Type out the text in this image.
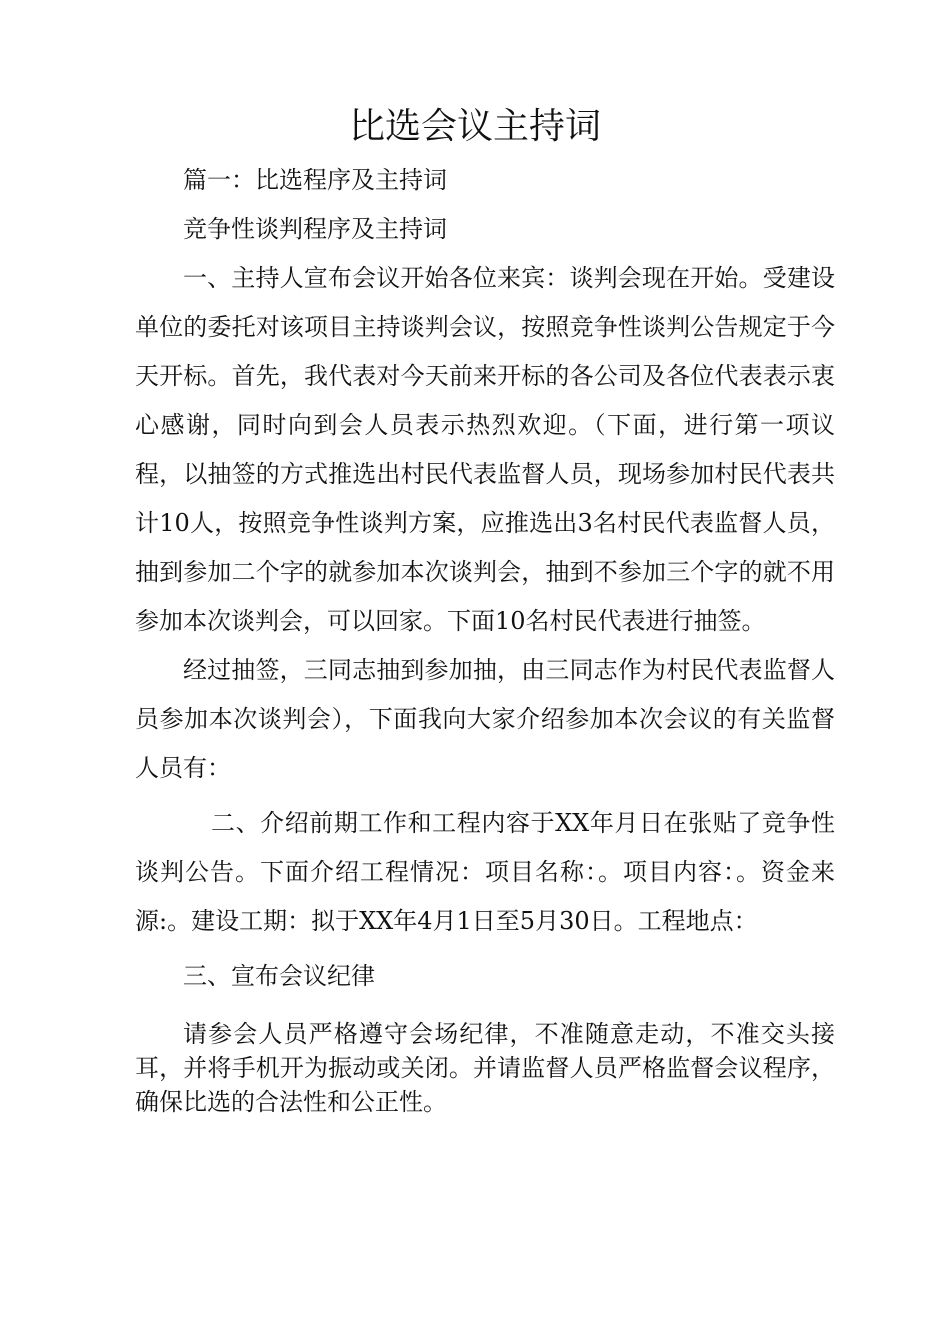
比选会议主持词

篇一：比选程序及主持词

竞争性谈判程序及主持词

一、主持人宣布会议开始各位来宾：谈判会现在开始。受建设单位的委托对该项目主持谈判会议，按照竞争性谈判公告规定于今天开标。首先，我代表对今天前来开标的各公司及各位代表表示衷心感谢，同时向到会人员表示热烈欢迎。（下面，进行第一项议程，以抽签的方式推选出村民代表监督人员，现场参加村民代表共计10人，按照竞争性谈判方案，应推选出3名村民代表监督人员，抽到参加二个字的就参加本次谈判会，抽到不参加三个字的就不用参加本次谈判会，可以回家。下面10名村民代表进行抽签。

经过抽签，三同志抽到参加抽，由三同志作为村民代表监督人员参加本次谈判会），下面我向大家介绍参加本次会议的有关监督人员有：

二、介绍前期工作和工程内容于XX年月日在张贴了竞争性谈判公告。下面介绍工程情况：项目名称：。项目内容：。资金来源:。建设工期：拟于XX年4月1日至5月30日。工程地点：

三、宣布会议纪律

请参会人员严格遵守会场纪律，不准随意走动，不准交头接耳，并将手机开为振动或关闭。并请监督人员严格监督会议程序，确保比选的合法性和公正性。
